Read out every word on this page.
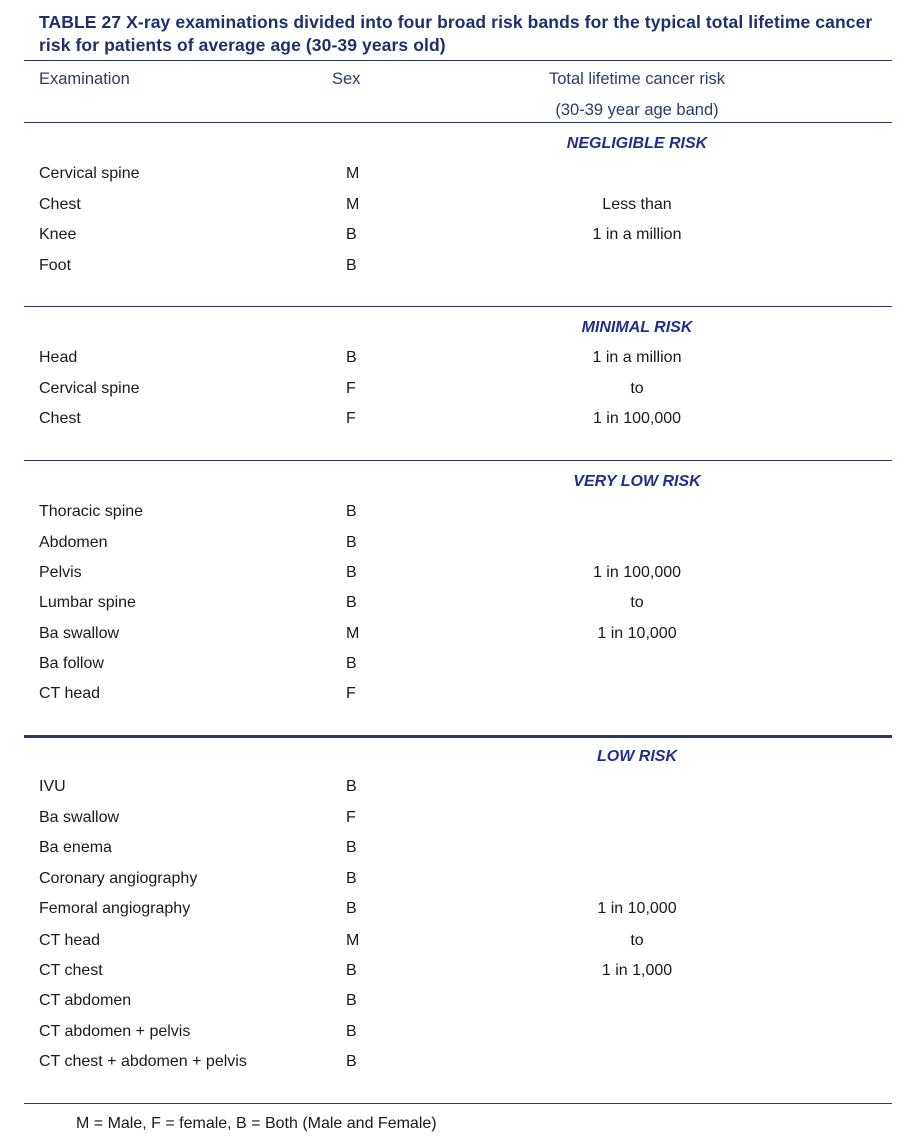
TABLE 27 X-ray examinations divided into four broad risk bands for the typical total lifetime cancer risk for patients of average age (30-39 years old)
Examination	Sex	Total lifetime cancer risk
(30-39 year age band)
NEGLIGIBLE RISK
Cervical spine	M
Chest	M
Knee	B
Foot	B
Less than
1 in a million
MINIMAL RISK
Head	B
Cervical spine	F
Chest	F
1 in a million
to
1 in 100,000
VERY LOW RISK
Thoracic spine	B
Abdomen	B
Pelvis	B
Lumbar spine	B
Ba swallow	M
Ba follow	B
CT head	F
1 in 100,000
to
1 in 10,000
LOW RISK
IVU	B
Ba swallow	F
Ba enema	B
Coronary angiography	B
Femoral angiography	B
CT head	M
CT chest	B
CT abdomen	B
CT abdomen + pelvis	B
CT chest + abdomen + pelvis	B
1 in 10,000
to
1 in 1,000
M = Male, F = female, B = Both (Male and Female)
